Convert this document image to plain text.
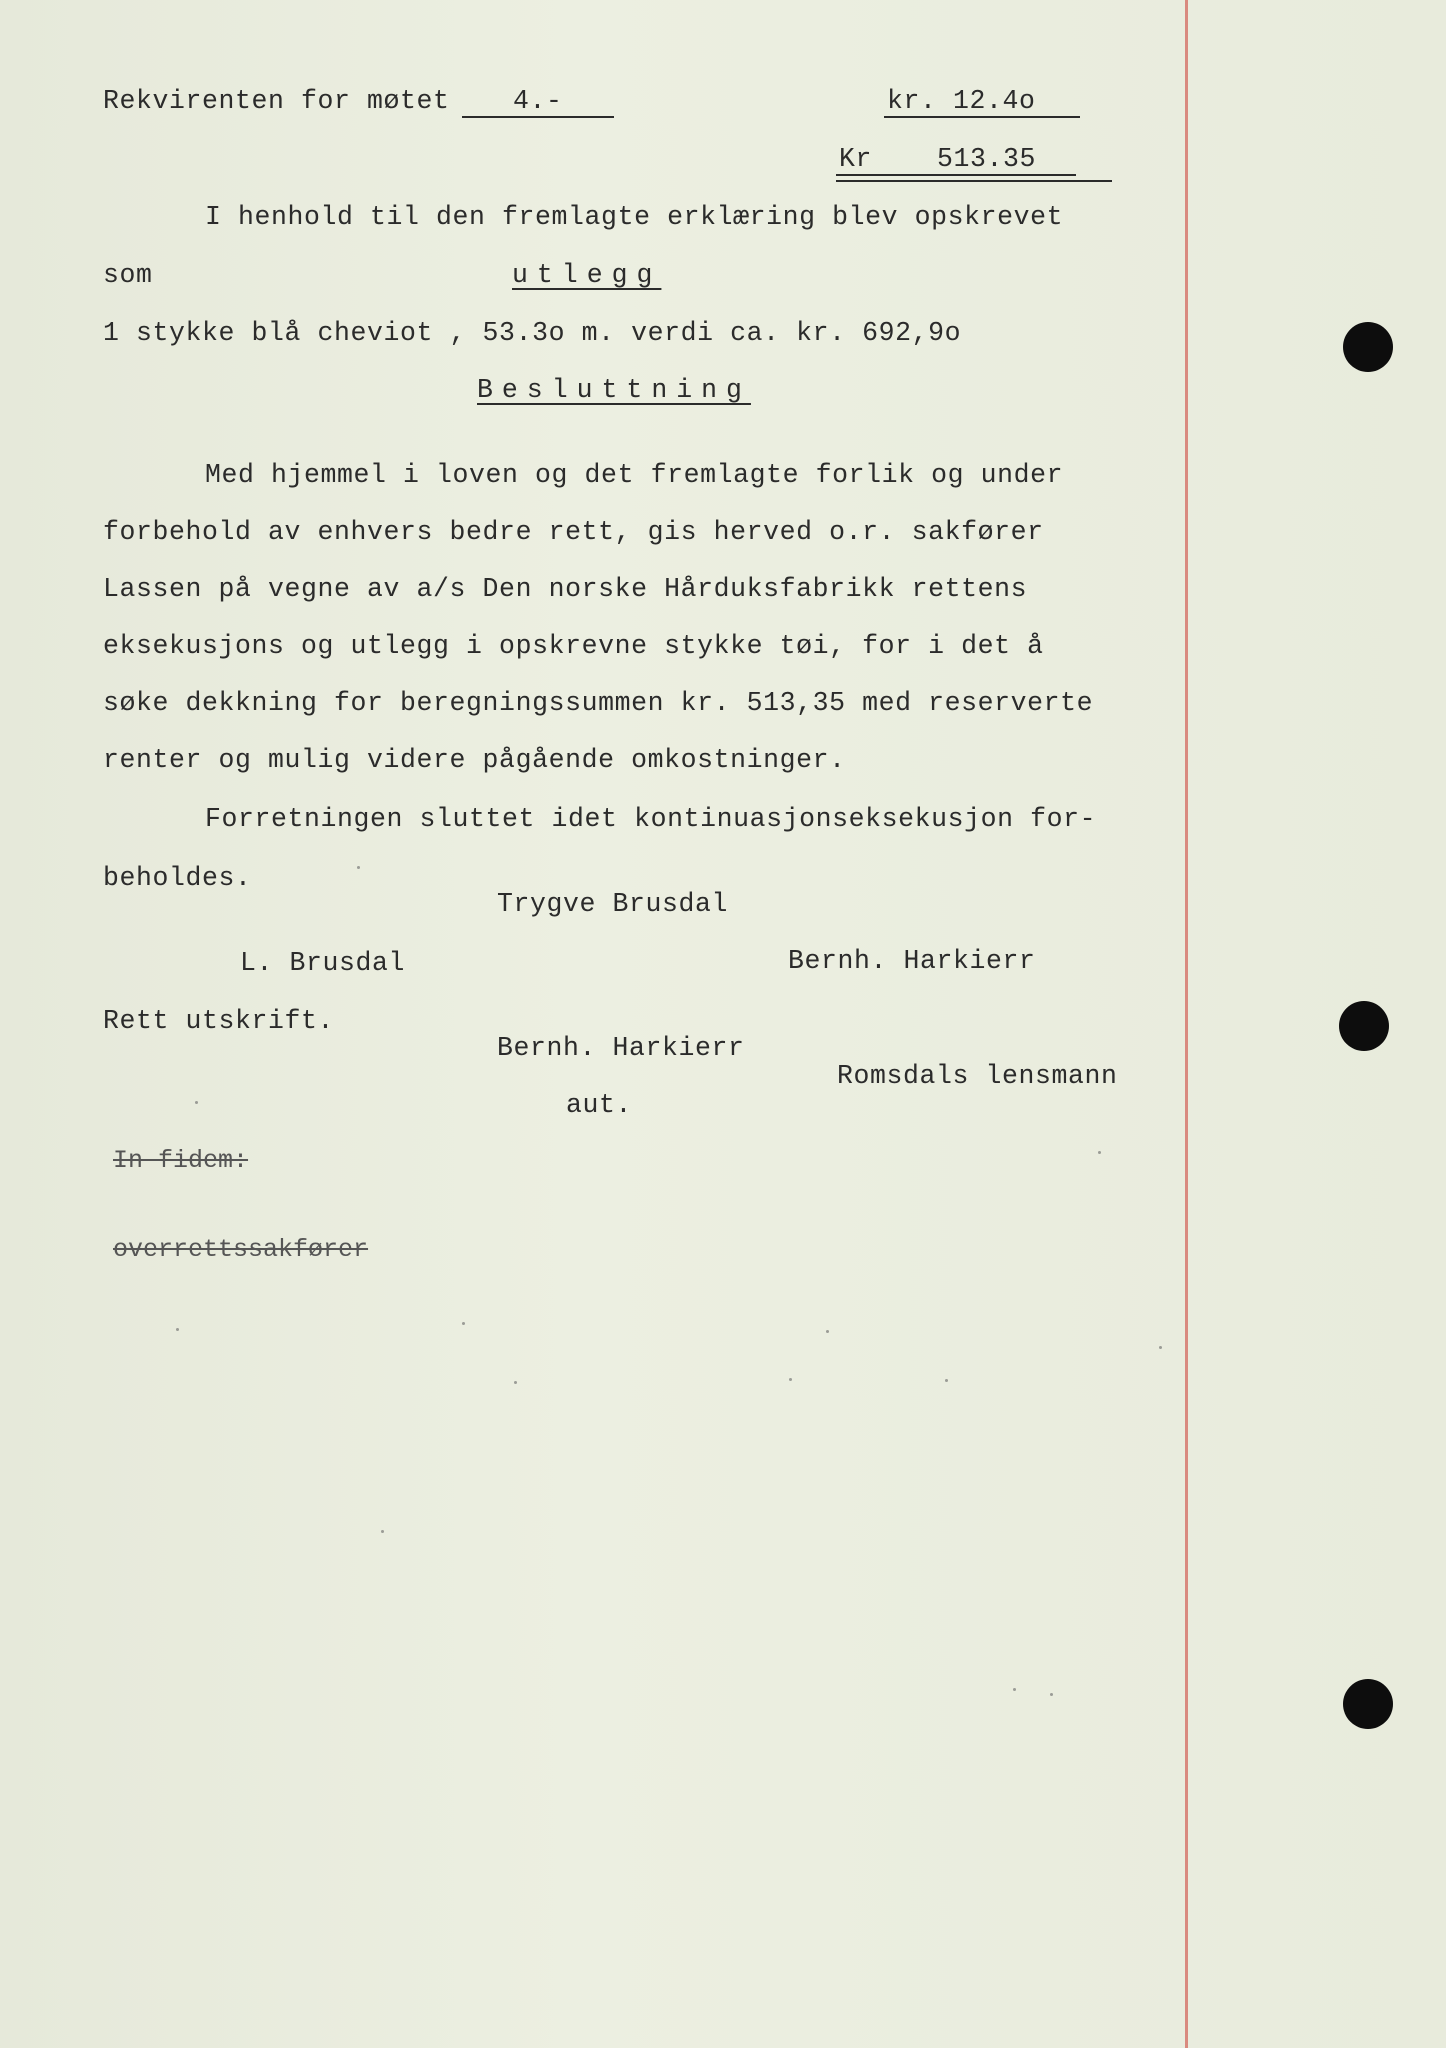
Rekvirenten for møtet 4.-	kr. 12.4o
Kr 513.35
I henhold til den fremlagte erklæring blev opskrevet
som	utlegg
1 stykke blå cheviot , 53.3o m. verdi ca. kr. 692,9o
Besluttning
Med hjemmel i loven og det fremlagte forlik og under
forbehold av enhvers bedre rett, gis herved o.r. sakfører
Lassen på vegne av a/s Den norske Hårduksfabrikk rettens
eksekusjons og utlegg i opskrevne stykke tøi, for i det å
søke dekkning for beregningssummen kr. 513,35 med reserverte
renter og mulig videre pågående omkostninger.
Forretningen sluttet idet kontinuasjonseksekusjon for-
beholdes.
Trygve Brusdal
L. Brusdal	Bernh. Harkierr
Rett utskrift.
Bernh. Harkierr
Romsdals lensmann
aut.
In fidem:
overrettssakfører
